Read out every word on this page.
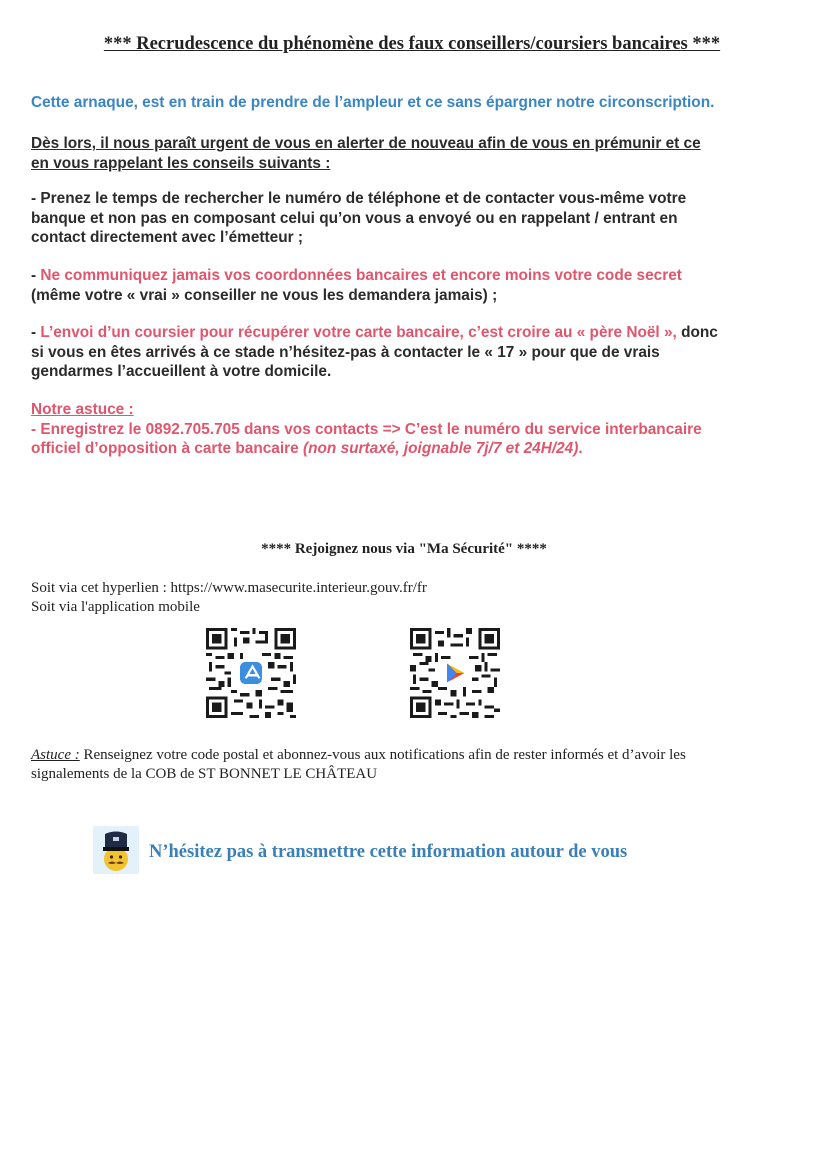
*** Recrudescence du phénomène des faux conseillers/coursiers bancaires ***
Cette arnaque, est en train de prendre de l’ampleur et ce sans épargner notre circonscription.
Dès lors, il nous paraît urgent de vous en alerter de nouveau afin de vous en prémunir et ce
en vous rappelant les conseils suivants :
- Prenez le temps de rechercher le numéro de téléphone et de contacter vous-même votre
banque et non pas en composant celui qu’on vous a envoyé ou en rappelant / entrant en
contact directement avec l’émetteur ;
- Ne communiquez jamais vos coordonnées bancaires et encore moins votre code secret
(même votre « vrai » conseiller ne vous les demandera jamais) ;
- L’envoi d’un coursier pour récupérer votre carte bancaire, c’est croire au « père Noël », donc
si vous en êtes arrivés à ce stade n’hésitez-pas à contacter le « 17 » pour que de vrais
gendarmes l’accueillent à votre domicile.
Notre astuce :
- Enregistrez le 0892.705.705 dans vos contacts => C’est le numéro du service interbancaire
officiel d’opposition à carte bancaire (non surtaxé, joignable 7j/7 et 24H/24).
**** Rejoignez nous via "Ma Sécurité" ****
Soit via cet hyperlien : https://www.masecurite.interieur.gouv.fr/fr
Soit via l'application mobile
Astuce : Renseignez votre code postal et abonnez-vous aux notifications afin de rester informés et d’avoir les
signalements de la COB de ST BONNET LE CHÂTEAU
N’hésitez pas à transmettre cette information autour de vous
